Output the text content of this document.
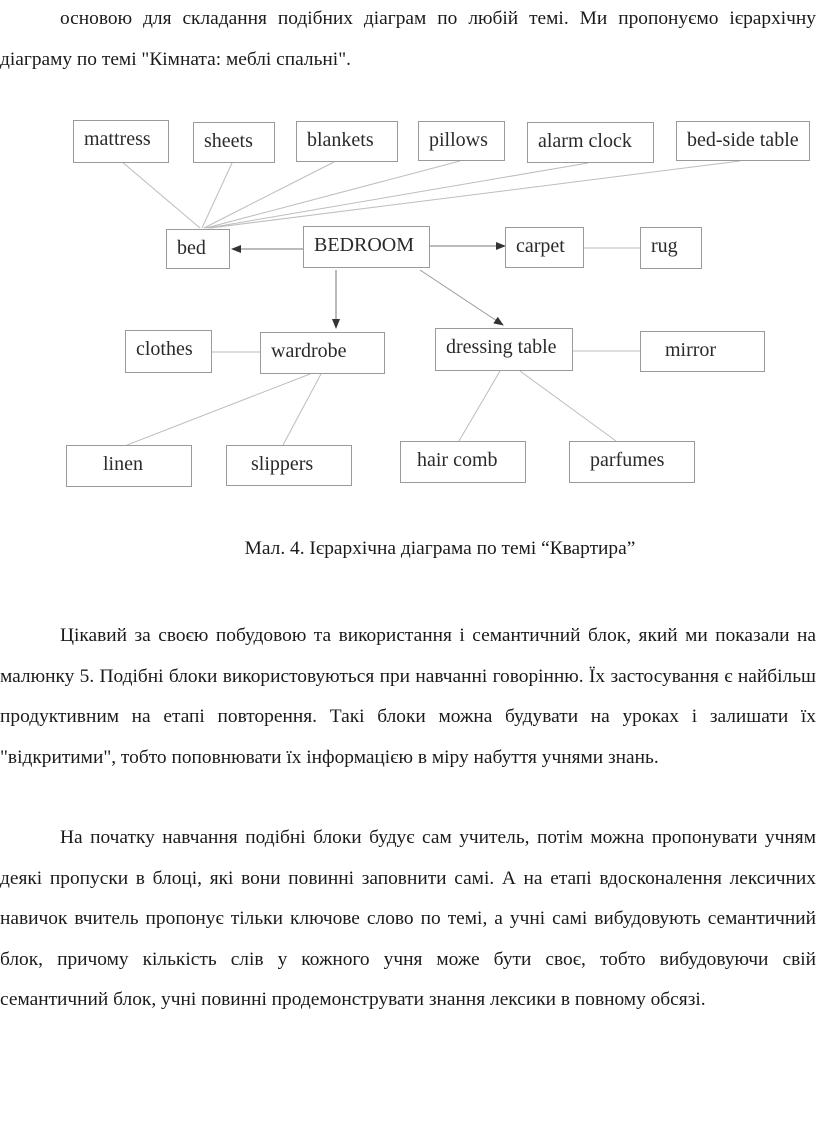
основою для складання подібних діаграм по любій темі. Ми пропонуємо ієрархічну діаграму по темі "Кімната: меблі спальні".

mattress	sheets	blankets	pillows	alarm clock	bed-side table
bed	BEDROOM	carpet	rug
clothes	wardrobe	dressing table	mirror
linen	slippers	hair comb	parfumes

Мал. 4. Ієрархічна діаграма по темі “Квартира”

Цікавий за своєю побудовою та використання і семантичний блок, який ми показали на малюнку 5. Подібні блоки використовуються при навчанні говорінню. Їх застосування є найбільш продуктивним на етапі повторення. Такі блоки можна будувати на уроках і залишати їх "відкритими", тобто поповнювати їх інформацією в міру набуття учнями знань.

На початку навчання подібні блоки будує сам учитель, потім можна пропонувати учням деякі пропуски в блоці, які вони повинні заповнити самі. А на етапі вдосконалення лексичних навичок вчитель пропонує тільки ключове слово по темі, а учні самі вибудовують семантичний блок, причому кількість слів у кожного учня може бути своє, тобто вибудовуючи свій семантичний блок, учні повинні продемонструвати знання лексики в повному обсязі.
